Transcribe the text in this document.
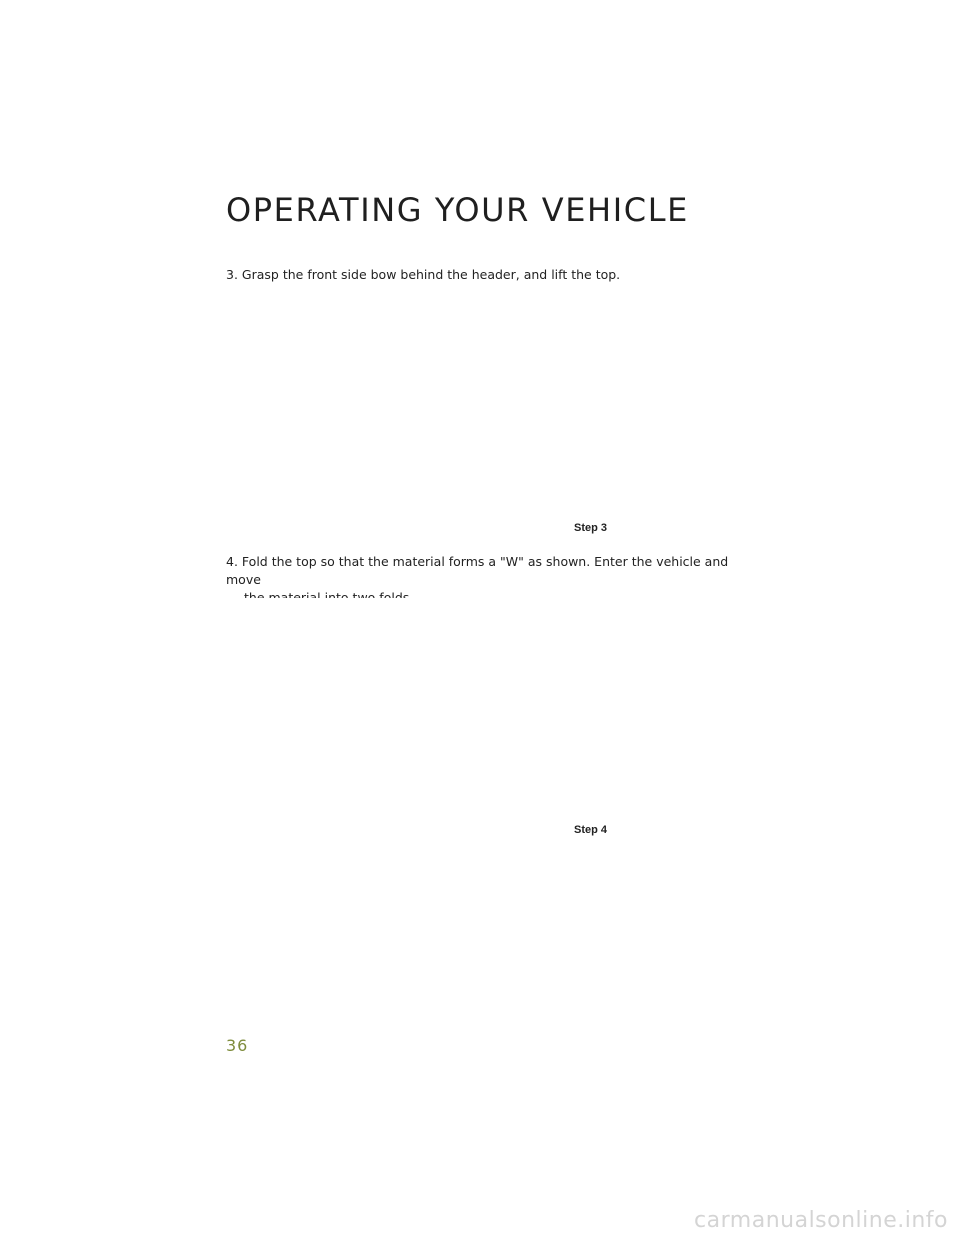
OPERATING YOUR VEHICLE
3. Grasp the front side bow behind the header, and lift the top.
Step 3
4. Fold the top so that the material forms a "W" as shown. Enter the vehicle and move
Step 4
36
carmanualsonline.info
